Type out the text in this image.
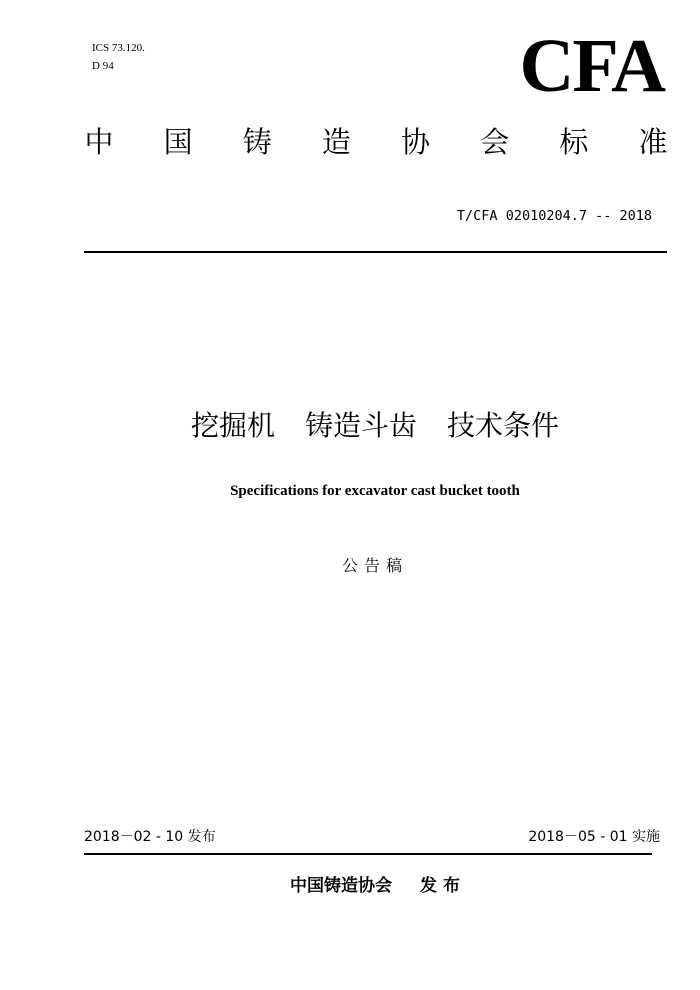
ICS 73.120.
D 94	CFA
中 国 铸 造 协 会 标 准
T/CFA 02010204.7 -- 2018
挖掘机 铸造斗齿 技术条件
Specifications for excavator cast bucket tooth
公告稿
2018－02 - 10 发布	2018－05 - 01 实施
中国铸造协会 发 布
